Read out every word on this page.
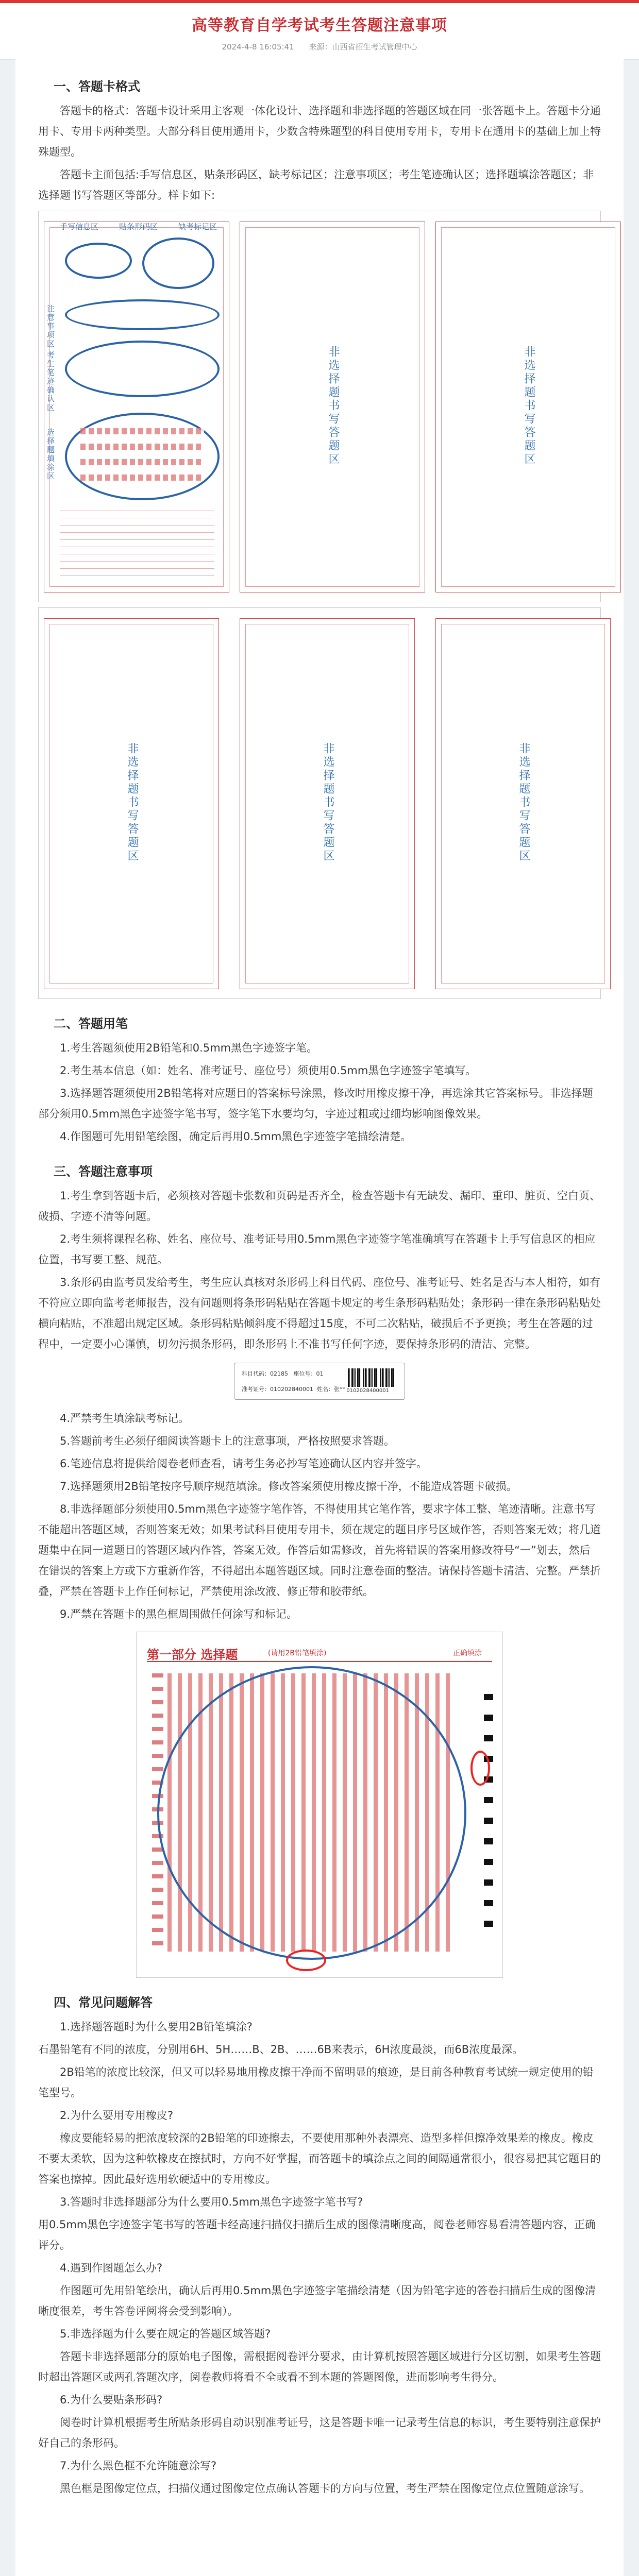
高等教育自学考试考生答题注意事项
2024-4-8 16:05:41 来源：山西省招生考试管理中心
一、答题卡格式

答题卡的格式：答题卡设计采用主客观一体化设计、选择题和非选择题的答题区域在同一张答题卡上。答题卡分通用卡、专用卡两种类型。大部分科目使用通用卡，少数含特殊题型的科目使用专用卡，专用卡在通用卡的基础上加上特殊题型。

答题卡主面包括:手写信息区，贴条形码区，缺考标记区；注意事项区；考生笔迹确认区；选择题填涂答题区；非选择题书写答题区等部分。样卡如下:

手写信息区	贴条形码区	缺考标记区
注意事项区
考生笔迹确认区
选择题填涂区	非选择题书写答题区	非选择题书写答题区
非选择题书写答题区	非选择题书写答题区	非选择题书写答题区
二、答题用笔

1.考生答题须使用2B铅笔和0.5mm黑色字迹签字笔。

2.考生基本信息（如：姓名、准考证号、座位号）须使用0.5mm黑色字迹签字笔填写。

3.选择题答题须使用2B铅笔将对应题目的答案标号涂黑，修改时用橡皮擦干净，再选涂其它答案标号。非选择题部分须用0.5mm黑色字迹签字笔书写，签字笔下水要均匀，字迹过粗或过细均影响图像效果。

4.作图题可先用铅笔绘图，确定后再用0.5mm黑色字迹签字笔描绘清楚。

三、答题注意事项

1.考生拿到答题卡后，必须核对答题卡张数和页码是否齐全，检查答题卡有无缺发、漏印、重印、脏页、空白页、破损、字迹不清等问题。

2.考生须将课程名称、姓名、座位号、准考证号用0.5mm黑色字迹签字笔准确填写在答题卡上手写信息区的相应位置，书写要工整、规范。

3.条形码由监考员发给考生，考生应认真核对条形码上科目代码、座位号、准考证号、姓名是否与本人相符，如有不符应立即向监考老师报告，没有问题则将条形码粘贴在答题卡规定的考生条形码粘贴处；条形码一律在条形码粘贴处横向粘贴，不准超出规定区域。条形码粘贴倾斜度不得超过15度，不可二次粘贴，破损后不予更换；考生在答题的过程中，一定要小心谨慎，切勿污损条形码，即条形码上不准书写任何字迹，要保持条形码的清洁、完整。

科目代码：02185 座位号：01
准考证号：010202840001 姓名：张** 0102028400001

4.严禁考生填涂缺考标记。

5.答题前考生必须仔细阅读答题卡上的注意事项，严格按照要求答题。

6.笔迹信息将提供给阅卷老师查看，请考生务必抄写笔迹确认区内容并签字。

7.选择题须用2B铅笔按序号顺序规范填涂。修改答案须使用橡皮擦干净，不能造成答题卡破损。

8.非选择题部分须使用0.5mm黑色字迹签字笔作答，不得使用其它笔作答，要求字体工整、笔迹清晰。注意书写不能超出答题区域，否则答案无效；如果考试科目使用专用卡，须在规定的题目序号区域作答，否则答案无效；将几道题集中在同一道题目的答题区域内作答，答案无效。作答后如需修改，首先将错误的答案用修改符号“一”划去，然后在错误的答案上方或下方重新作答，不得超出本题答题区域。同时注意卷面的整洁。请保持答题卡清洁、完整。严禁折叠，严禁在答题卡上作任何标记，严禁使用涂改液、修正带和胶带纸。

9.严禁在答题卡的黑色框周围做任何涂写和标记。

第一部分 选择题	(请用2B铅笔填涂)	正确填涂
四、常见问题解答

1.选择题答题时为什么要用2B铅笔填涂?

石墨铅笔有不同的浓度，分别用6H、5H……B、2B、……6B来表示，6H浓度最淡，而6B浓度最深。

2B铅笔的浓度比较深，但又可以轻易地用橡皮擦干净而不留明显的痕迹，是目前各种教育考试统一规定使用的铅笔型号。

2.为什么要用专用橡皮?

橡皮要能轻易的把浓度较深的2B铅笔的印迹擦去，不要使用那种外表漂亮、造型多样但擦净效果差的橡皮。橡皮不要太柔软，因为这种软橡皮在擦拭时，方向不好掌握，而答题卡的填涂点之间的间隔通常很小，很容易把其它题目的答案也擦掉。因此最好选用软硬适中的专用橡皮。

3.答题时非选择题部分为什么要用0.5mm黑色字迹签字笔书写?

用0.5mm黑色字迹签字笔书写的答题卡经高速扫描仪扫描后生成的图像清晰度高，阅卷老师容易看清答题内容，正确评分。

4.遇到作图题怎么办?

作图题可先用铅笔绘出，确认后再用0.5mm黑色字迹签字笔描绘清楚（因为铅笔字迹的答卷扫描后生成的图像清晰度很差，考生答卷评阅将会受到影响）。

5.非选择题为什么要在规定的答题区域答题?

答题卡非选择题部分的原始电子图像，需根据阅卷评分要求，由计算机按照答题区域进行分区切割，如果考生答题时超出答题区或两孔答题次序，阅卷教师将看不全或看不到本题的答题图像，进而影响考生得分。

6.为什么要贴条形码?

阅卷时计算机根据考生所贴条形码自动识别准考证号，这是答题卡唯一记录考生信息的标识，考生要特别注意保护好自己的条形码。

7.为什么黑色框不允许随意涂写?

黑色框是图像定位点，扫描仪通过图像定位点确认答题卡的方向与位置，考生严禁在图像定位点位置随意涂写。
